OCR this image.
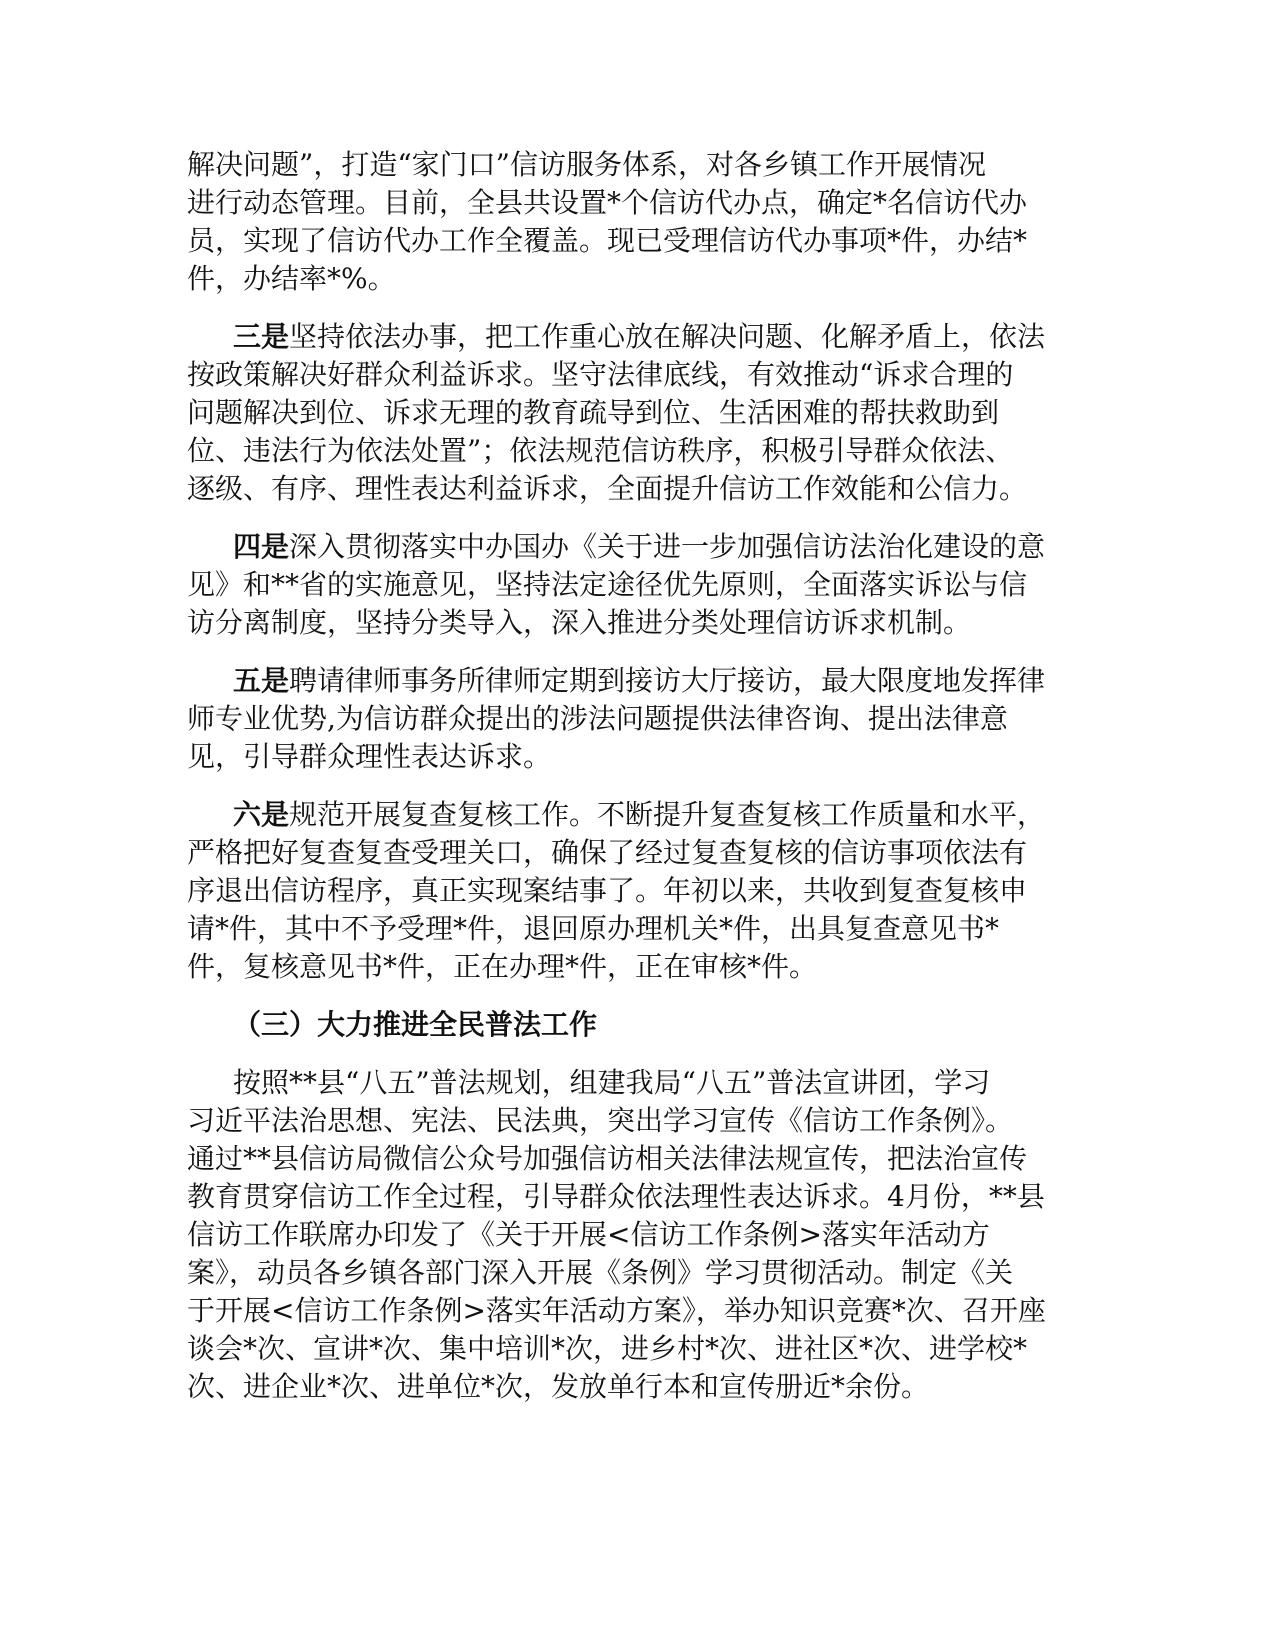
解决问题”，打造“家门口”信访服务体系，对各乡镇工作开展情况
进行动态管理。目前，全县共设置*个信访代办点，确定*名信访代办
员，实现了信访代办工作全覆盖。现已受理信访代办事项*件，办结*
件，办结率*%。
三是坚持依法办事，把工作重心放在解决问题、化解矛盾上，依法
按政策解决好群众利益诉求。坚守法律底线，有效推动“诉求合理的
问题解决到位、诉求无理的教育疏导到位、生活困难的帮扶救助到
位、违法行为依法处置”；依法规范信访秩序，积极引导群众依法、
逐级、有序、理性表达利益诉求，全面提升信访工作效能和公信力。
四是深入贯彻落实中办国办《关于进一步加强信访法治化建设的意
见》和**省的实施意见，坚持法定途径优先原则，全面落实诉讼与信
访分离制度，坚持分类导入，深入推进分类处理信访诉求机制。
五是聘请律师事务所律师定期到接访大厅接访，最大限度地发挥律
师专业优势,为信访群众提出的涉法问题提供法律咨询、提出法律意
见，引导群众理性表达诉求。
六是规范开展复查复核工作。不断提升复查复核工作质量和水平，
严格把好复查复查受理关口，确保了经过复查复核的信访事项依法有
序退出信访程序，真正实现案结事了。年初以来，共收到复查复核申
请*件，其中不予受理*件，退回原办理机关*件，出具复查意见书*
件，复核意见书*件，正在办理*件，正在审核*件。
（三）大力推进全民普法工作
按照**县“八五”普法规划，组建我局“八五”普法宣讲团，学习
习近平法治思想、宪法、民法典，突出学习宣传《信访工作条例》。
通过**县信访局微信公众号加强信访相关法律法规宣传，把法治宣传
教育贯穿信访工作全过程，引导群众依法理性表达诉求。4月份，**县
信访工作联席办印发了《关于开展<信访工作条例>落实年活动方
案》，动员各乡镇各部门深入开展《条例》学习贯彻活动。制定《关
于开展<信访工作条例>落实年活动方案》，举办知识竞赛*次、召开座
谈会*次、宣讲*次、集中培训*次，进乡村*次、进社区*次、进学校*
次、进企业*次、进单位*次，发放单行本和宣传册近*余份。
